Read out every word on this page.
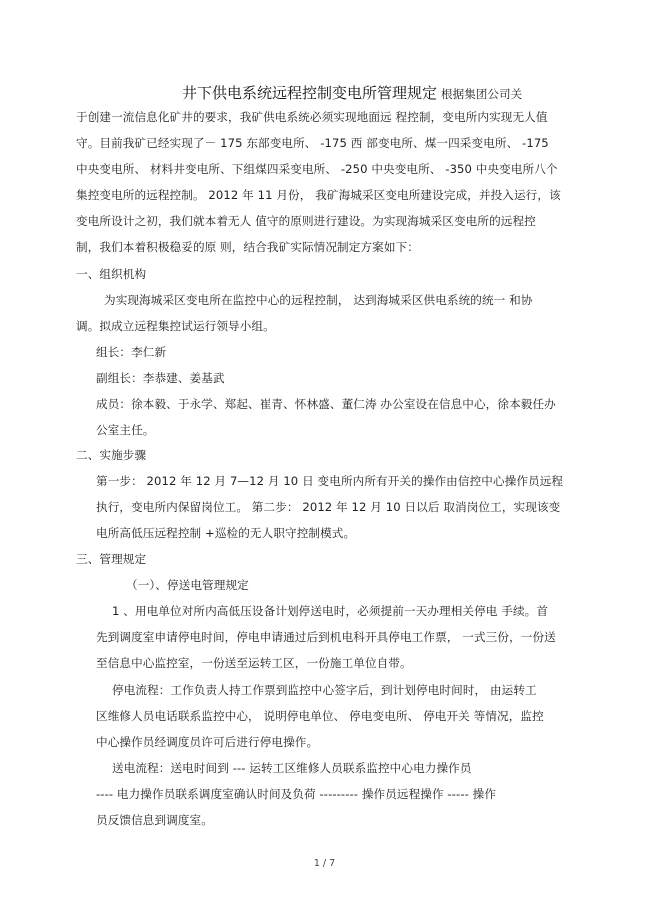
井下供电系统远程控制变电所管理规定 根据集团公司关
于创建一流信息化矿井的要求，我矿供电系统必须实现地面远 程控制，变电所内实现无人值
守。目前我矿已经实现了－ 175 东部变电所、 -175 西 部变电所、煤一四采变电所、 -175
中央变电所、 材料井变电所、下组煤四采变电所、 -250 中央变电所、 -350 中央变电所八个
集控变电所的远程控制。 2012 年 11 月份， 我矿海城采区变电所建设完成，并投入运行，该
变电所设计之初，我们就本着无人 值守的原则进行建设。为实现海城采区变电所的远程控
制，我们本着积极稳妥的原 则，结合我矿实际情况制定方案如下：
一、组织机构
为实现海城采区变电所在监控中心的远程控制， 达到海城采区供电系统的统一 和协
调。拟成立远程集控试运行领导小组。
组长：李仁新
副组长：李恭建、姜基武
成员：徐本毅、于永学、郑起、崔青、怀林盛、董仁涛 办公室设在信息中心，徐本毅任办
公室主任。
二、实施步骤
第一步： 2012 年 12 月 7—12 月 10 日 变电所内所有开关的操作由信控中心操作员远程
执行，变电所内保留岗位工。 第二步： 2012 年 12 月 10 日以后 取消岗位工，实现该变
电所高低压远程控制 +巡检的无人职守控制模式。
三、管理规定
（一）、停送电管理规定
1 、用电单位对所内高低压设备计划停送电时，必须提前一天办理相关停电 手续。首
先到调度室申请停电时间，停电申请通过后到机电科开具停电工作票， 一式三份，一份送
至信息中心监控室，一份送至运转工区，一份施工单位自带。
停电流程：工作负责人持工作票到监控中心签字后，到计划停电时间时， 由运转工
区维修人员电话联系监控中心， 说明停电单位、 停电变电所、 停电开关 等情况，监控
中心操作员经调度员许可后进行停电操作。
送电流程：送电时间到 --- 运转工区维修人员联系监控中心电力操作员
---- 电力操作员联系调度室确认时间及负荷 --------- 操作员远程操作 ----- 操作
员反馈信息到调度室。
1 / 7
